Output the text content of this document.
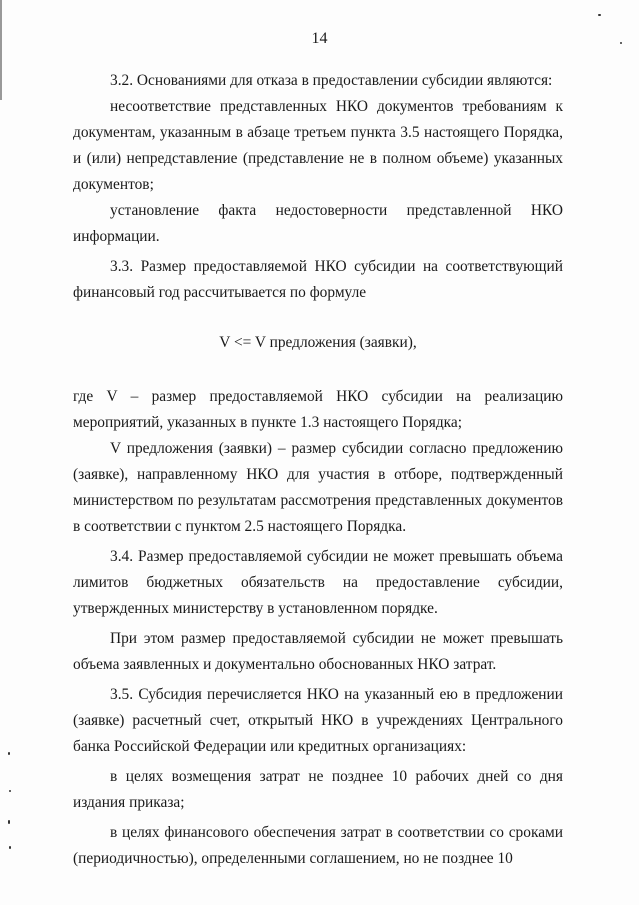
14

3.2. Основаниями для отказа в предоставлении субсидии являются:

несоответствие представленных НКО документов требованиям к документам, указанным в абзаце третьем пункта 3.5 настоящего Порядка, и (или) непредставление (представление не в полном объеме) указанных документов;

установление факта недостоверности представленной НКО информации.

3.3. Размер предоставляемой НКО субсидии на соответствующий финансовый год рассчитывается по формуле

V <= V предложения (заявки),

где V – размер предоставляемой НКО субсидии на реализацию мероприятий, указанных в пункте 1.3 настоящего Порядка;

V предложения (заявки) – размер субсидии согласно предложению (заявке), направленному НКО для участия в отборе, подтвержденный министерством по результатам рассмотрения представленных документов в соответствии с пунктом 2.5 настоящего Порядка.

3.4. Размер предоставляемой субсидии не может превышать объема лимитов бюджетных обязательств на предоставление субсидии, утвержденных министерству в установленном порядке.

При этом размер предоставляемой субсидии не может превышать объема заявленных и документально обоснованных НКО затрат.

3.5. Субсидия перечисляется НКО на указанный ею в предложении (заявке) расчетный счет, открытый НКО в учреждениях Центрального банка Российской Федерации или кредитных организациях:

в целях возмещения затрат не позднее 10 рабочих дней со дня издания приказа;

в целях финансового обеспечения затрат в соответствии со сроками (периодичностью), определенными соглашением, но не позднее 10
